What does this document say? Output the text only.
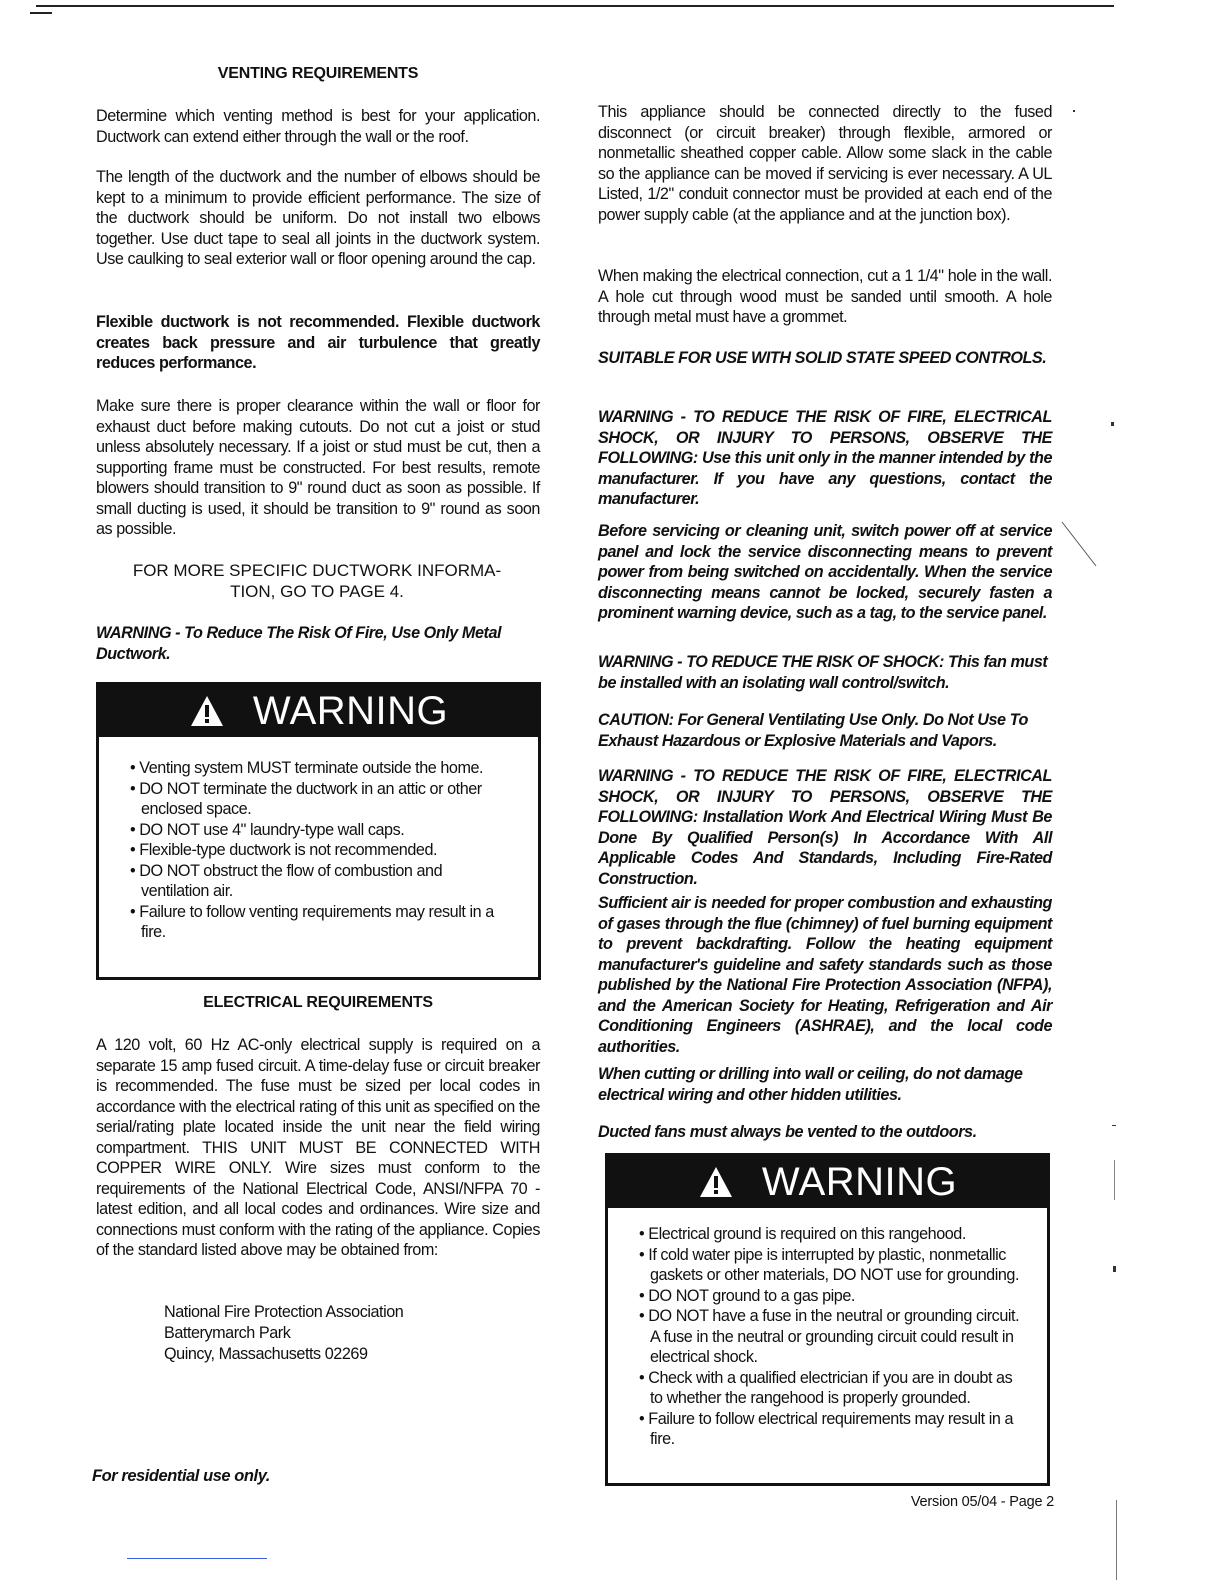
VENTING REQUIREMENTS

Determine which venting method is best for your application. Ductwork can extend either through the wall or the roof.

The length of the ductwork and the number of elbows should be kept to a minimum to provide efficient performance. The size of the ductwork should be uniform. Do not install two elbows together. Use duct tape to seal all joints in the ductwork system. Use caulking to seal exterior wall or floor opening around the cap.

Flexible ductwork is not recommended. Flexible ductwork creates back pressure and air turbulence that greatly reduces performance.

Make sure there is proper clearance within the wall or floor for exhaust duct before making cutouts. Do not cut a joist or stud unless absolutely necessary. If a joist or stud must be cut, then a supporting frame must be constructed. For best results, remote blowers should transition to 9" round duct as soon as possible. If small ducting is used, it should be transition to 9" round as soon as possible.

FOR MORE SPECIFIC DUCTWORK INFORMA-TION, GO TO PAGE 4.

WARNING - To Reduce The Risk Of Fire, Use Only Metal Ductwork.

ELECTRICAL REQUIREMENTS

A 120 volt, 60 Hz AC-only electrical supply is required on a separate 15 amp fused circuit. A time-delay fuse or circuit breaker is recommended. The fuse must be sized per local codes in accordance with the electrical rating of this unit as specified on the serial/rating plate located inside the unit near the field wiring compartment. THIS UNIT MUST BE CONNECTED WITH COPPER WIRE ONLY. Wire sizes must conform to the requirements of the National Electrical Code, ANSI/NFPA 70 - latest edition, and all local codes and ordinances. Wire size and connections must conform with the rating of the appliance. Copies of the standard listed above may be obtained from:

National Fire Protection Association

Batterymarch Park

Quincy, Massachusetts 02269

For residential use only.

WARNING
• Venting system MUST terminate outside the home.
• DO NOT terminate the ductwork in an attic or other enclosed space.
• DO NOT use 4" laundry-type wall caps.
• Flexible-type ductwork is not recommended.
• DO NOT obstruct the flow of combustion and ventilation air.
• Failure to follow venting requirements may result in a fire.

This appliance should be connected directly to the fused disconnect (or circuit breaker) through flexible, armored or nonmetallic sheathed copper cable. Allow some slack in the cable so the appliance can be moved if servicing is ever necessary. A UL Listed, 1/2" conduit connector must be provided at each end of the power supply cable (at the appliance and at the junction box).

When making the electrical connection, cut a 1 1/4" hole in the wall. A hole cut through wood must be sanded until smooth. A hole through metal must have a grommet.

SUITABLE FOR USE WITH SOLID STATE SPEED CONTROLS.

WARNING - TO REDUCE THE RISK OF FIRE, ELECTRICAL SHOCK, OR INJURY TO PERSONS, OBSERVE THE FOLLOWING: Use this unit only in the manner intended by the manufacturer. If you have any questions, contact the manufacturer.

Before servicing or cleaning unit, switch power off at service panel and lock the service disconnecting means to prevent power from being switched on accidentally. When the service disconnecting means cannot be locked, securely fasten a prominent warning device, such as a tag, to the service panel.

WARNING - TO REDUCE THE RISK OF SHOCK: This fan must be installed with an isolating wall control/switch.

CAUTION: For General Ventilating Use Only. Do Not Use To Exhaust Hazardous or Explosive Materials and Vapors.

WARNING - TO REDUCE THE RISK OF FIRE, ELECTRICAL SHOCK, OR INJURY TO PERSONS, OBSERVE THE FOLLOWING: Installation Work And Electrical Wiring Must Be Done By Qualified Person(s) In Accordance With All Applicable Codes And Standards, Including Fire-Rated Construction.

Sufficient air is needed for proper combustion and exhausting of gases through the flue (chimney) of fuel burning equipment to prevent backdrafting. Follow the heating equipment manufacturer's guideline and safety standards such as those published by the National Fire Protection Association (NFPA), and the American Society for Heating, Refrigeration and Air Conditioning Engineers (ASHRAE), and the local code authorities.

When cutting or drilling into wall or ceiling, do not damage electrical wiring and other hidden utilities.

Ducted fans must always be vented to the outdoors.

Version 05/04 - Page 2

WARNING
• Electrical ground is required on this rangehood.
• If cold water pipe is interrupted by plastic, nonmetallic gaskets or other materials, DO NOT use for grounding.
• DO NOT ground to a gas pipe.
• DO NOT have a fuse in the neutral or grounding circuit. A fuse in the neutral or grounding circuit could result in electrical shock.
• Check with a qualified electrician if you are in doubt as to whether the rangehood is properly grounded.
• Failure to follow electrical requirements may result in a fire.
